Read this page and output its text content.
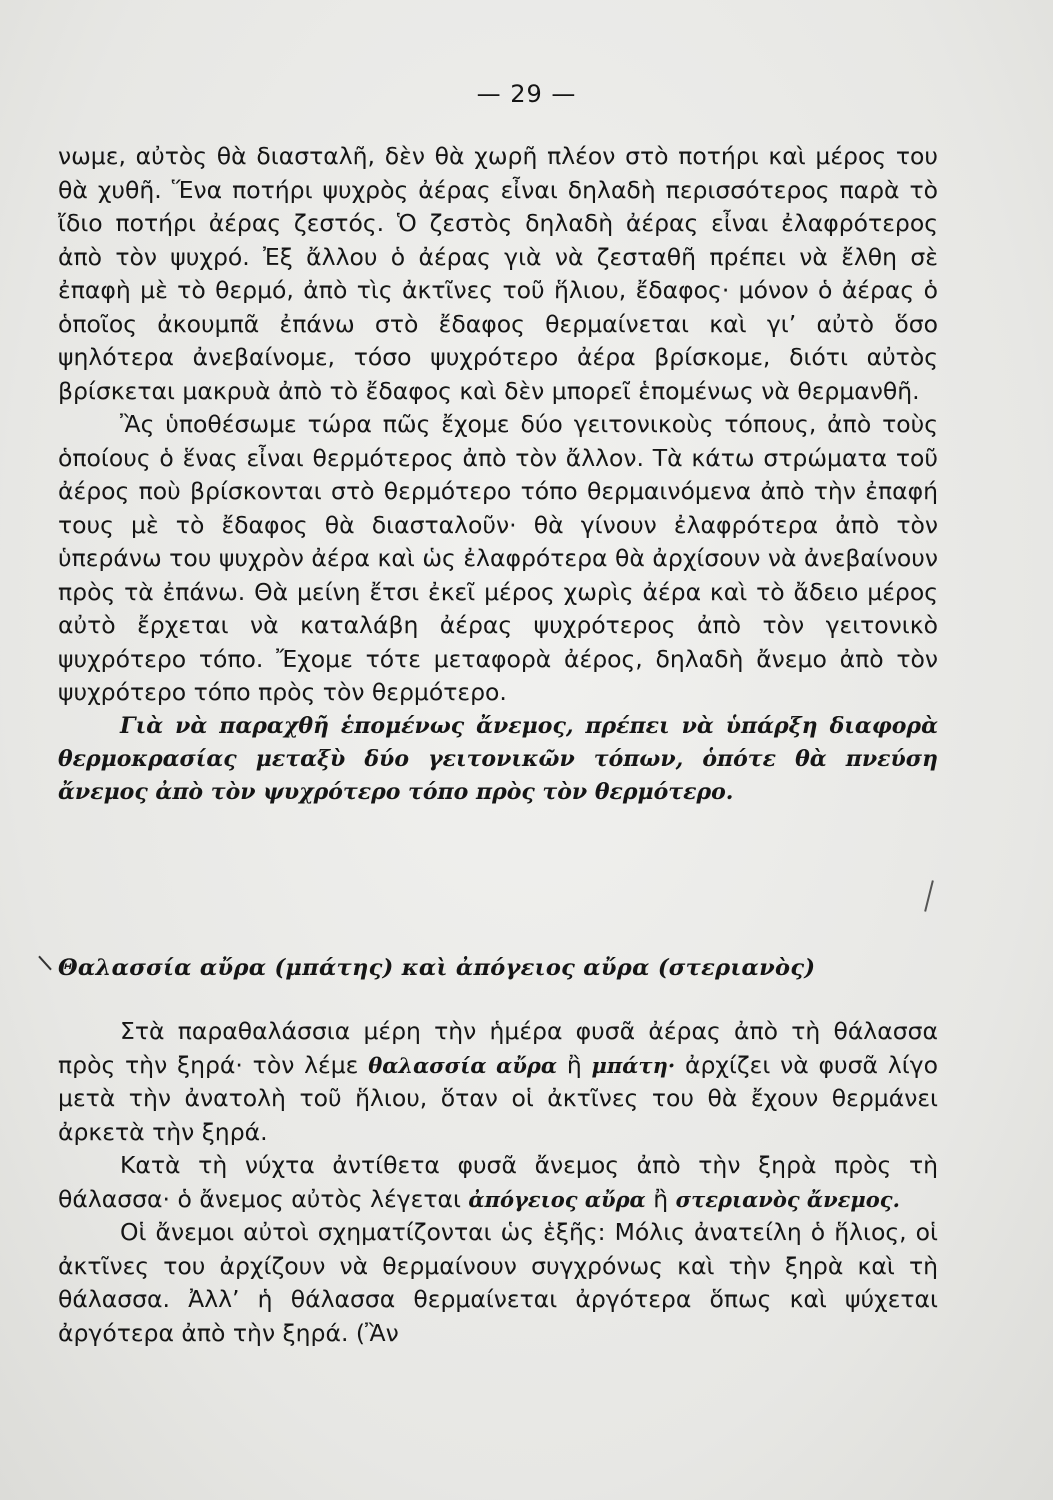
— 29 —

νωμε, αὐτὸς θὰ διασταλῆ, δὲν θὰ χωρῆ πλέον στὸ ποτήρι καὶ μέρος του θὰ χυθῆ. Ἕνα ποτήρι ψυχρὸς ἀέρας εἶναι δηλαδὴ περισσότερος παρὰ τὸ ἴδιο ποτήρι ἀέρας ζεστός. Ὁ ζεστὸς δηλαδὴ ἀέρας εἶναι ἐλαφρότερος ἀπὸ τὸν ψυχρό. Ἐξ ἄλλου ὁ ἀέρας γιὰ νὰ ζεσταθῆ πρέπει νὰ ἔλθη σὲ ἐπαφὴ μὲ τὸ θερμό, ἀπὸ τὶς ἀκτῖνες τοῦ ἥλιου, ἔδαφος· μόνον ὁ ἀέρας ὁ ὁποῖος ἀκουμπᾶ ἐπάνω στὸ ἔδαφος θερμαίνεται καὶ γι’ αὐτὸ ὅσο ψηλότερα ἀνεβαίνομε, τόσο ψυχρότερο ἀέρα βρίσκομε, διότι αὐτὸς βρίσκεται μακρυὰ ἀπὸ τὸ ἔδαφος καὶ δὲν μπορεῖ ἑπομένως νὰ θερμανθῆ.

Ἂς ὑποθέσωμε τώρα πῶς ἔχομε δύο γειτονικοὺς τόπους, ἀπὸ τοὺς ὁποίους ὁ ἕνας εἶναι θερμότερος ἀπὸ τὸν ἄλλον. Τὰ κάτω στρώματα τοῦ ἀέρος ποὺ βρίσκονται στὸ θερμότερο τόπο θερμαινόμενα ἀπὸ τὴν ἐπαφή τους μὲ τὸ ἔδαφος θὰ διασταλοῦν· θὰ γίνουν ἐλαφρότερα ἀπὸ τὸν ὑπεράνω του ψυχρὸν ἀέρα καὶ ὡς ἐλαφρότερα θὰ ἀρχίσουν νὰ ἀνεβαίνουν πρὸς τὰ ἐπάνω. Θὰ μείνη ἔτσι ἐκεῖ μέρος χωρὶς ἀέρα καὶ τὸ ἄδειο μέρος αὐτὸ ἔρχεται νὰ καταλάβη ἀέρας ψυχρότερος ἀπὸ τὸν γειτονικὸ ψυχρότερο τόπο. Ἔχομε τότε μεταφορὰ ἀέρος, δηλαδὴ ἄνεμο ἀπὸ τὸν ψυχρότερο τόπο πρὸς τὸν θερμότερο.

Γιὰ νὰ παραχθῆ ἑπομένως ἄνεμος, πρέπει νὰ ὑπάρξη διαφορὰ θερμοκρασίας μεταξὺ δύο γειτονικῶν τόπων, ὁπότε θὰ πνεύση ἄνεμος ἀπὸ τὸν ψυχρότερο τόπο πρὸς τὸν θερμότερο.

Θαλασσία αὔρα (μπάτης) καὶ ἀπόγειος αὔρα (στεριανὸς)

Στὰ παραθαλάσσια μέρη τὴν ἡμέρα φυσᾶ ἀέρας ἀπὸ τὴ θάλασσα πρὸς τὴν ξηρά· τὸν λέμε θαλασσία αὔρα ἢ μπάτη· ἀρχίζει νὰ φυσᾶ λίγο μετὰ τὴν ἀνατολὴ τοῦ ἥλιου, ὅταν οἱ ἀκτῖνες του θὰ ἔχουν θερμάνει ἀρκετὰ τὴν ξηρά.

Κατὰ τὴ νύχτα ἀντίθετα φυσᾶ ἄνεμος ἀπὸ τὴν ξηρὰ πρὸς τὴ θάλασσα· ὁ ἄνεμος αὐτὸς λέγεται ἀπόγειος αὔρα ἢ στεριανὸς ἄνεμος.

Οἱ ἄνεμοι αὐτοὶ σχηματίζονται ὡς ἑξῆς: Μόλις ἀνατείλη ὁ ἥλιος, οἱ ἀκτῖνες του ἀρχίζουν νὰ θερμαίνουν συγχρόνως καὶ τὴν ξηρὰ καὶ τὴ θάλασσα. Ἀλλ’ ἡ θάλασσα θερμαίνεται ἀργότερα ὅπως καὶ ψύχεται ἀργότερα ἀπὸ τὴν ξηρά. (Ἂν
